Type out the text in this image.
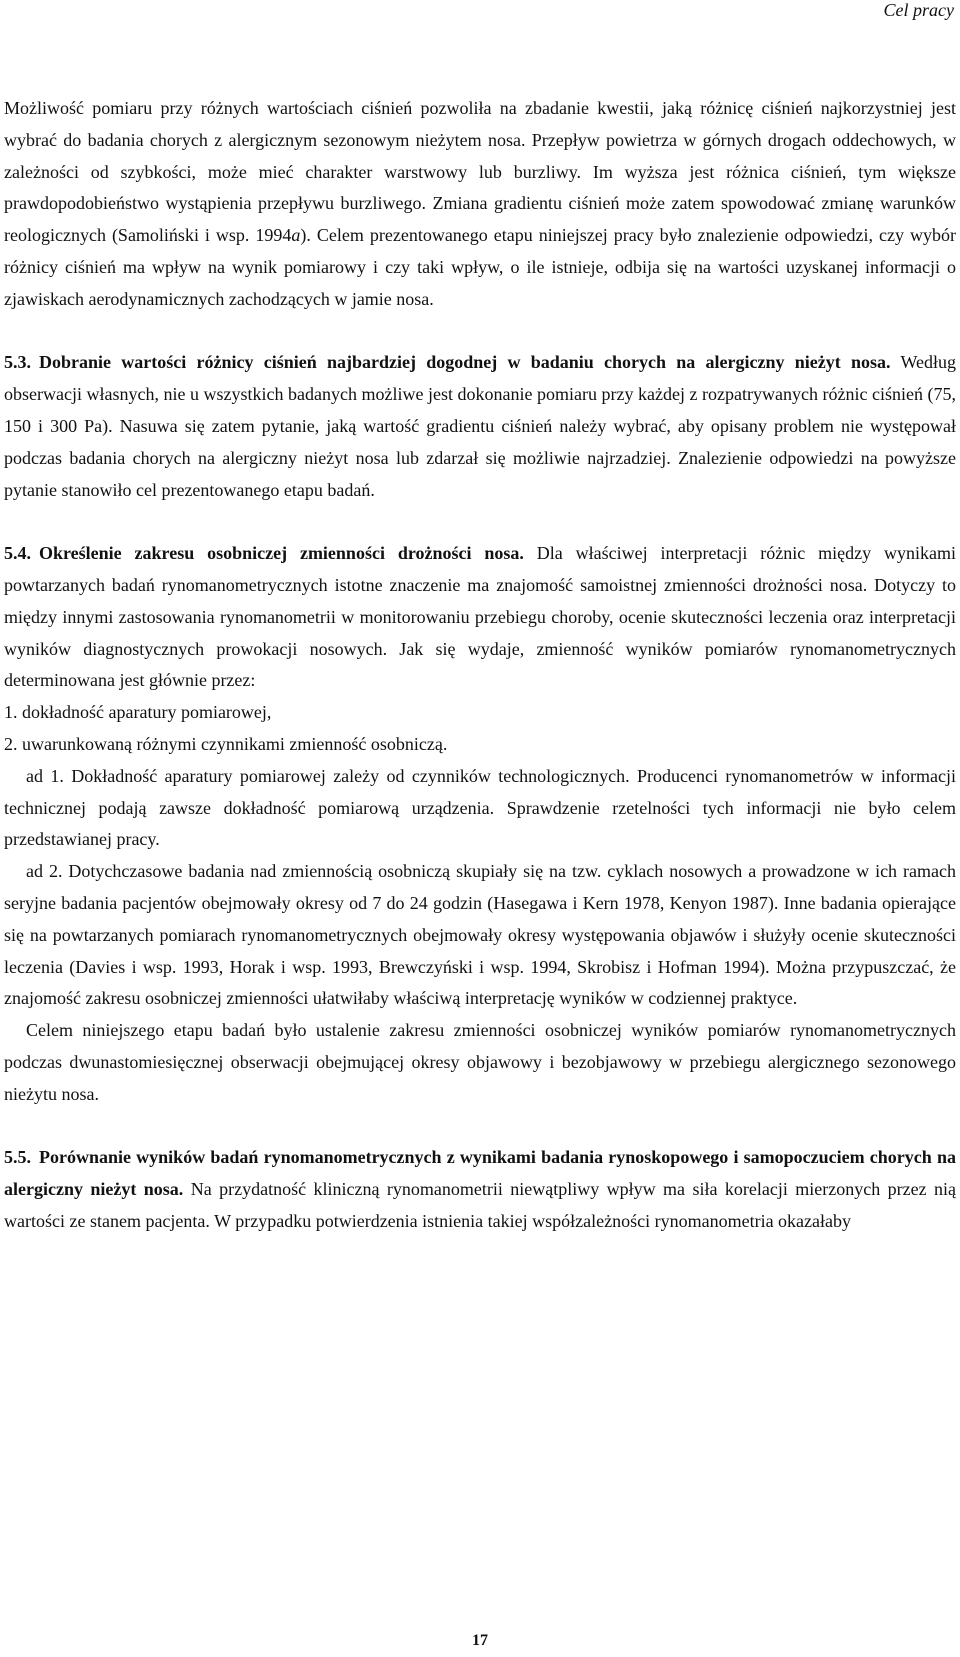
Cel pracy

Możliwość pomiaru przy różnych wartościach ciśnień pozwoliła na zbadanie kwestii, jaką różnicę ciśnień najkorzystniej jest wybrać do badania chorych z alergicznym sezonowym nieżytem nosa. Przepływ powietrza w górnych drogach oddechowych, w zależności od szybkości, może mieć charakter warstwowy lub burzliwy. Im wyższa jest różnica ciśnień, tym większe prawdopodobieństwo wystąpienia przepływu burzliwego. Zmiana gradientu ciśnień może zatem spowodować zmianę warunków reologicznych (Samoliński i wsp. 1994a). Celem prezentowanego etapu niniejszej pracy było znalezienie odpowiedzi, czy wybór różnicy ciśnień ma wpływ na wynik pomiarowy i czy taki wpływ, o ile istnieje, odbija się na wartości uzyskanej informacji o zjawiskach aerodynamicznych zachodzących w jamie nosa.

5.3. Dobranie wartości różnicy ciśnień najbardziej dogodnej w badaniu chorych na alergiczny nieżyt nosa. Według obserwacji własnych, nie u wszystkich badanych możliwe jest dokonanie pomiaru przy każdej z rozpatrywanych różnic ciśnień (75, 150 i 300 Pa). Nasuwa się zatem pytanie, jaką wartość gradientu ciśnień należy wybrać, aby opisany problem nie występował podczas badania chorych na alergiczny nieżyt nosa lub zdarzał się możliwie najrzadziej. Znalezienie odpowiedzi na powyższe pytanie stanowiło cel prezentowanego etapu badań.

5.4. Określenie zakresu osobniczej zmienności drożności nosa. Dla właściwej interpretacji różnic między wynikami powtarzanych badań rynomanometrycznych istotne znaczenie ma znajomość samoistnej zmienności drożności nosa. Dotyczy to między innymi zastosowania rynomanometrii w monitorowaniu przebiegu choroby, ocenie skuteczności leczenia oraz interpretacji wyników diagnostycznych prowokacji nosowych. Jak się wydaje, zmienność wyników pomiarów rynomanometrycznych determinowana jest głównie przez:

1. dokładność aparatury pomiarowej,

2. uwarunkowaną różnymi czynnikami zmienność osobniczą.

ad 1. Dokładność aparatury pomiarowej zależy od czynników technologicznych. Producenci rynomanometrów w informacji technicznej podają zawsze dokładność pomiarową urządzenia. Sprawdzenie rzetelności tych informacji nie było celem przedstawianej pracy.

ad 2. Dotychczasowe badania nad zmiennością osobniczą skupiały się na tzw. cyklach nosowych a prowadzone w ich ramach seryjne badania pacjentów obejmowały okresy od 7 do 24 godzin (Hasegawa i Kern 1978, Kenyon 1987). Inne badania opierające się na powtarzanych pomiarach rynomanometrycznych obejmowały okresy występowania objawów i służyły ocenie skuteczności leczenia (Davies i wsp. 1993, Horak i wsp. 1993, Brewczyński i wsp. 1994, Skrobisz i Hofman 1994). Można przypuszczać, że znajomość zakresu osobniczej zmienności ułatwiłaby właściwą interpretację wyników w codziennej praktyce.

Celem niniejszego etapu badań było ustalenie zakresu zmienności osobniczej wyników pomiarów rynomanometrycznych podczas dwunastomiesięcznej obserwacji obejmującej okresy objawowy i bezobjawowy w przebiegu alergicznego sezonowego nieżytu nosa.

5.5. Porównanie wyników badań rynomanometrycznych z wynikami badania rynoskopowego i samopoczuciem chorych na alergiczny nieżyt nosa. Na przydatność kliniczną rynomanometrii niewątpliwy wpływ ma siła korelacji mierzonych przez nią wartości ze stanem pacjenta. W przypadku potwierdzenia istnienia takiej współzależności rynomanometria okazałaby

17
